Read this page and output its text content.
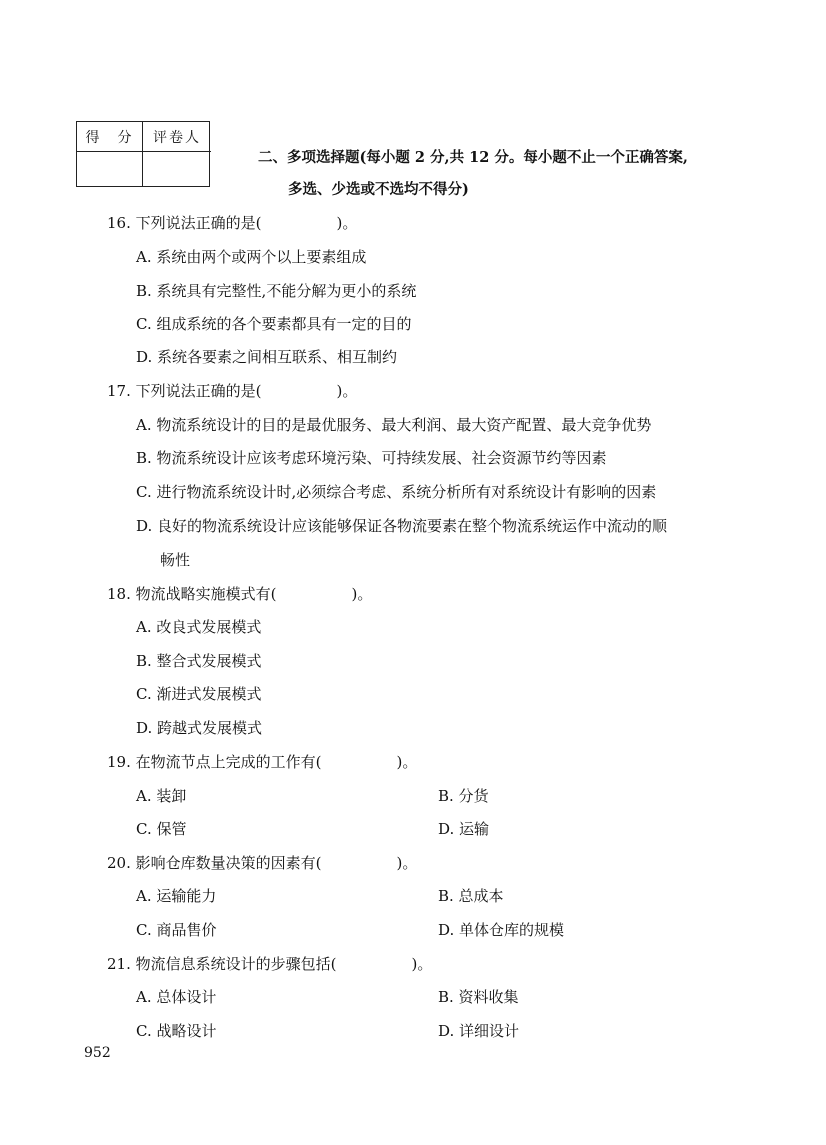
得　分	评卷人
二、多项选择题(每小题 2 分,共 12 分。每小题不止一个正确答案,
多选、少选或不选均不得分)
16. 下列说法正确的是(　　　　　)。
A. 系统由两个或两个以上要素组成
B. 系统具有完整性,不能分解为更小的系统
C. 组成系统的各个要素都具有一定的目的
D. 系统各要素之间相互联系、相互制约
17. 下列说法正确的是(　　　　　)。
A. 物流系统设计的目的是最优服务、最大利润、最大资产配置、最大竞争优势
B. 物流系统设计应该考虑环境污染、可持续发展、社会资源节约等因素
C. 进行物流系统设计时,必须综合考虑、系统分析所有对系统设计有影响的因素
D. 良好的物流系统设计应该能够保证各物流要素在整个物流系统运作中流动的顺
畅性
18. 物流战略实施模式有(　　　　　)。
A. 改良式发展模式
B. 整合式发展模式
C. 渐进式发展模式
D. 跨越式发展模式
19. 在物流节点上完成的工作有(　　　　　)。
A. 装卸	B. 分货
C. 保管	D. 运输
20. 影响仓库数量决策的因素有(　　　　　)。
A. 运输能力	B. 总成本
C. 商品售价	D. 单体仓库的规模
21. 物流信息系统设计的步骤包括(　　　　　)。
A. 总体设计	B. 资料收集
C. 战略设计	D. 详细设计
952
